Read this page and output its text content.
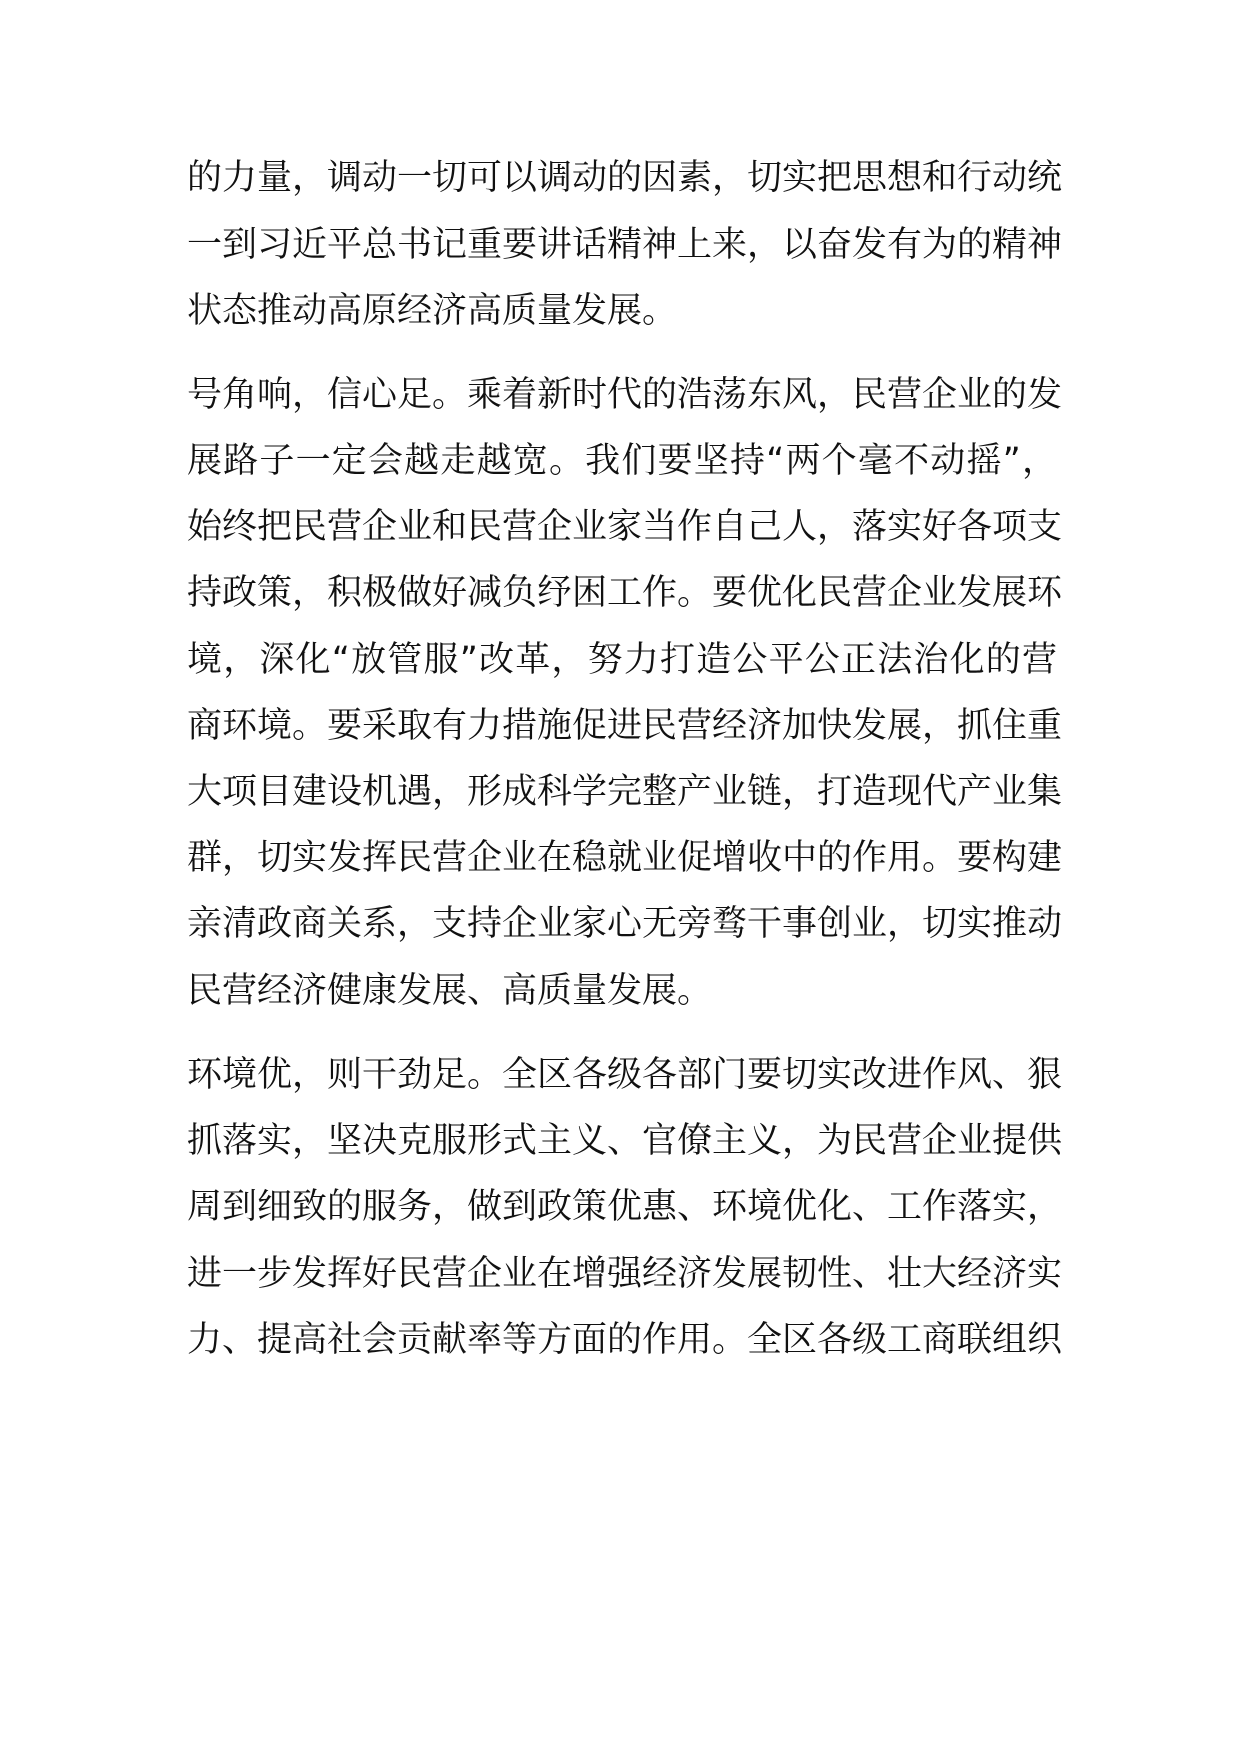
的力量，调动一切可以调动的因素，切实把思想和行动统
一到习近平总书记重要讲话精神上来，以奋发有为的精神
状态推动高原经济高质量发展。
号角响，信心足。乘着新时代的浩荡东风，民营企业的发
展路子一定会越走越宽。我们要坚持“两个毫不动摇”，
始终把民营企业和民营企业家当作自己人，落实好各项支
持政策，积极做好减负纾困工作。要优化民营企业发展环
境，深化“放管服”改革，努力打造公平公正法治化的营
商环境。要采取有力措施促进民营经济加快发展，抓住重
大项目建设机遇，形成科学完整产业链，打造现代产业集
群，切实发挥民营企业在稳就业促增收中的作用。要构建
亲清政商关系，支持企业家心无旁骛干事创业，切实推动
民营经济健康发展、高质量发展。
环境优，则干劲足。全区各级各部门要切实改进作风、狠
抓落实，坚决克服形式主义、官僚主义，为民营企业提供
周到细致的服务，做到政策优惠、环境优化、工作落实，
进一步发挥好民营企业在增强经济发展韧性、壮大经济实
力、提高社会贡献率等方面的作用。全区各级工商联组织
